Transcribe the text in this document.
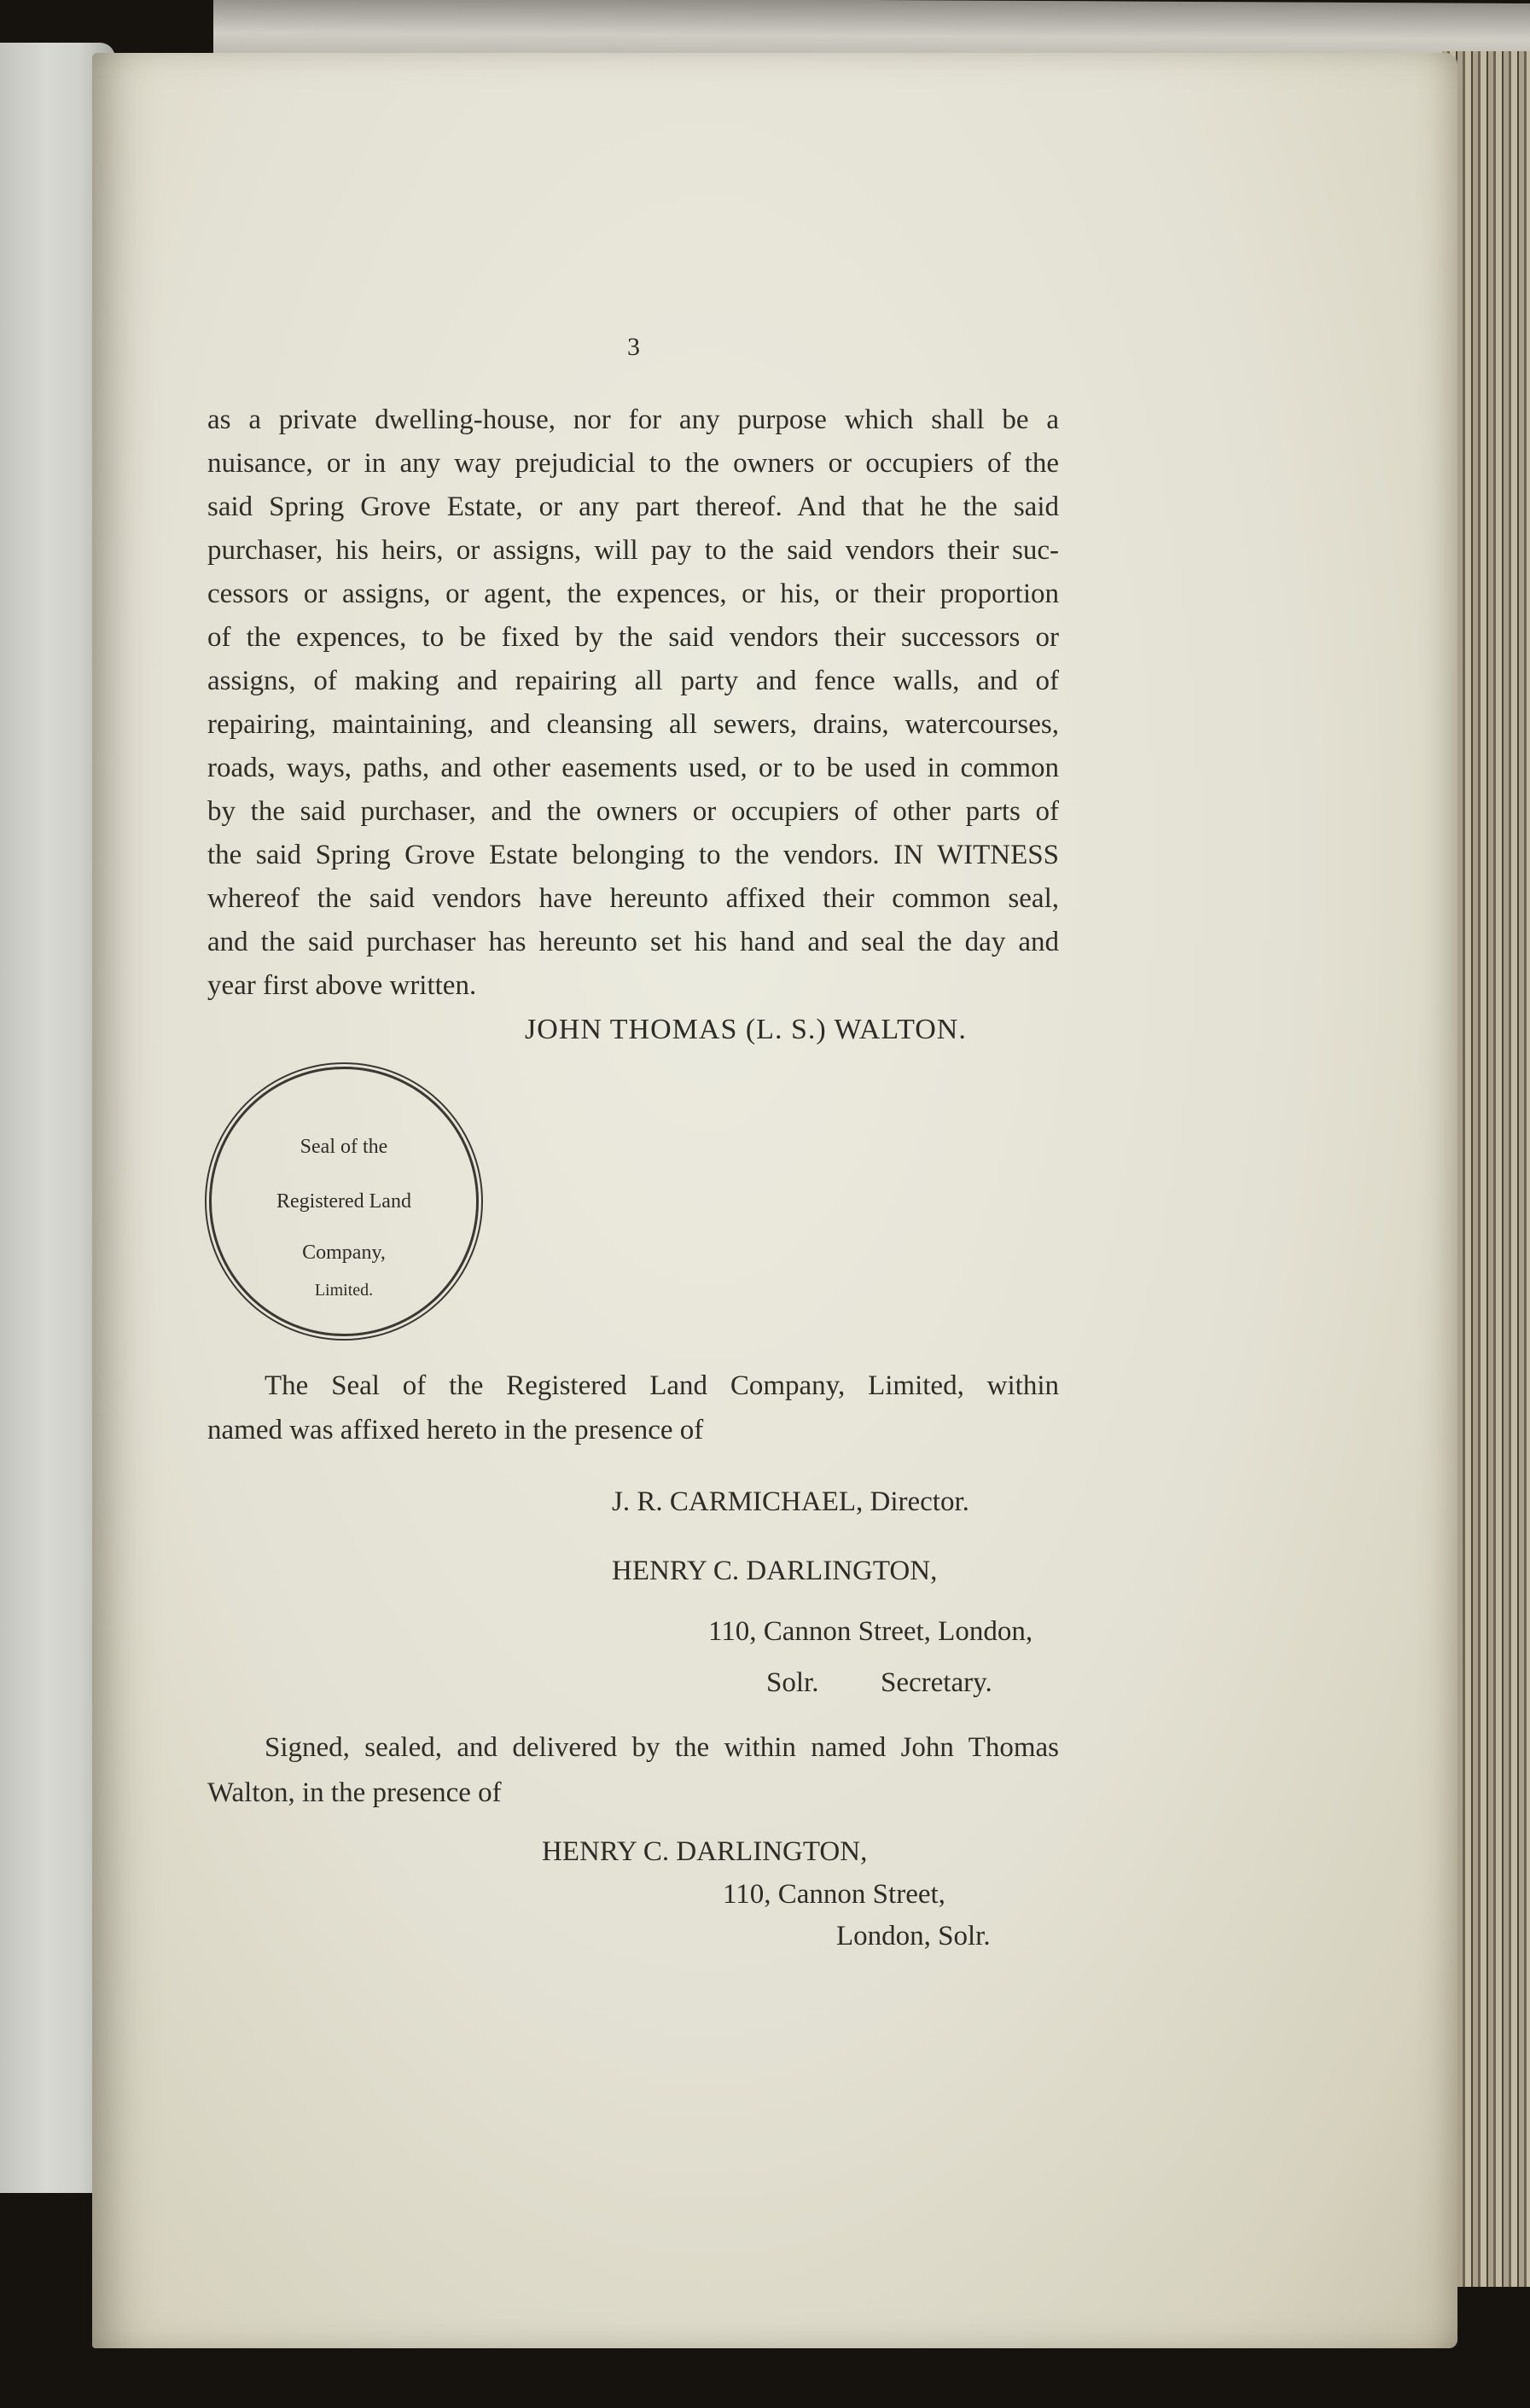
3
as a private dwelling-house, nor for any purpose which shall be a
nuisance, or in any way prejudicial to the owners or occupiers of the
said Spring Grove Estate, or any part thereof. And that he the said
purchaser, his heirs, or assigns, will pay to the said vendors their suc-
cessors or assigns, or agent, the expences, or his, or their proportion
of the expences, to be fixed by the said vendors their successors or
assigns, of making and repairing all party and fence walls, and of
repairing, maintaining, and cleansing all sewers, drains, watercourses,
roads, ways, paths, and other easements used, or to be used in common
by the said purchaser, and the owners or occupiers of other parts of
the said Spring Grove Estate belonging to the vendors. IN WITNESS
whereof the said vendors have hereunto affixed their common seal,
and the said purchaser has hereunto set his hand and seal the day and
year first above written.
JOHN THOMAS (L. S.) WALTON.
Seal of the
Registered Land
Company,
Limited.
The Seal of the Registered Land Company, Limited, within
named was affixed hereto in the presence of
J. R. CARMICHAEL, Director.
HENRY C. DARLINGTON,
110, Cannon Street, London,
Solr. Secretary.
Signed, sealed, and delivered by the within named John Thomas
Walton, in the presence of
HENRY C. DARLINGTON,
110, Cannon Street,
London, Solr.
